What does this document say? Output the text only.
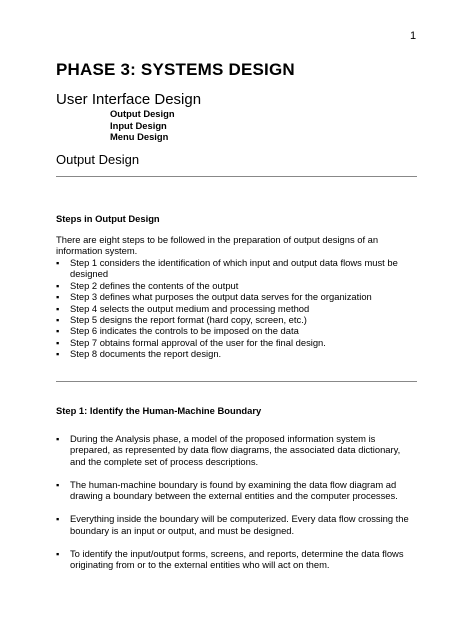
1
PHASE 3: SYSTEMS DESIGN
User Interface Design
Output Design
Input Design
Menu Design
Output Design
Steps in Output Design
There are eight steps to be followed in the preparation of output designs of an information system.
▪ Step 1 considers the identification of which input and output data flows must be designed
▪ Step 2 defines the contents of the output
▪ Step 3 defines what purposes the output data serves for the organization
▪ Step 4 selects the output medium and processing method
▪ Step 5 designs the report format (hard copy, screen, etc.)
▪ Step 6 indicates the controls to be imposed on the data
▪ Step 7 obtains formal approval of the user for the final design.
▪ Step 8 documents the report design.
Step 1: Identify the Human-Machine Boundary
▪ During the Analysis phase, a model of the proposed information system is prepared, as represented by data flow diagrams, the associated data dictionary, and the complete set of process descriptions.
▪ The human-machine boundary is found by examining the data flow diagram ad drawing a boundary between the external entities and the computer processes.
▪ Everything inside the boundary will be computerized. Every data flow crossing the boundary is an input or output, and must be designed.
▪ To identify the input/output forms, screens, and reports, determine the data flows originating from or to the external entities who will act on them.
